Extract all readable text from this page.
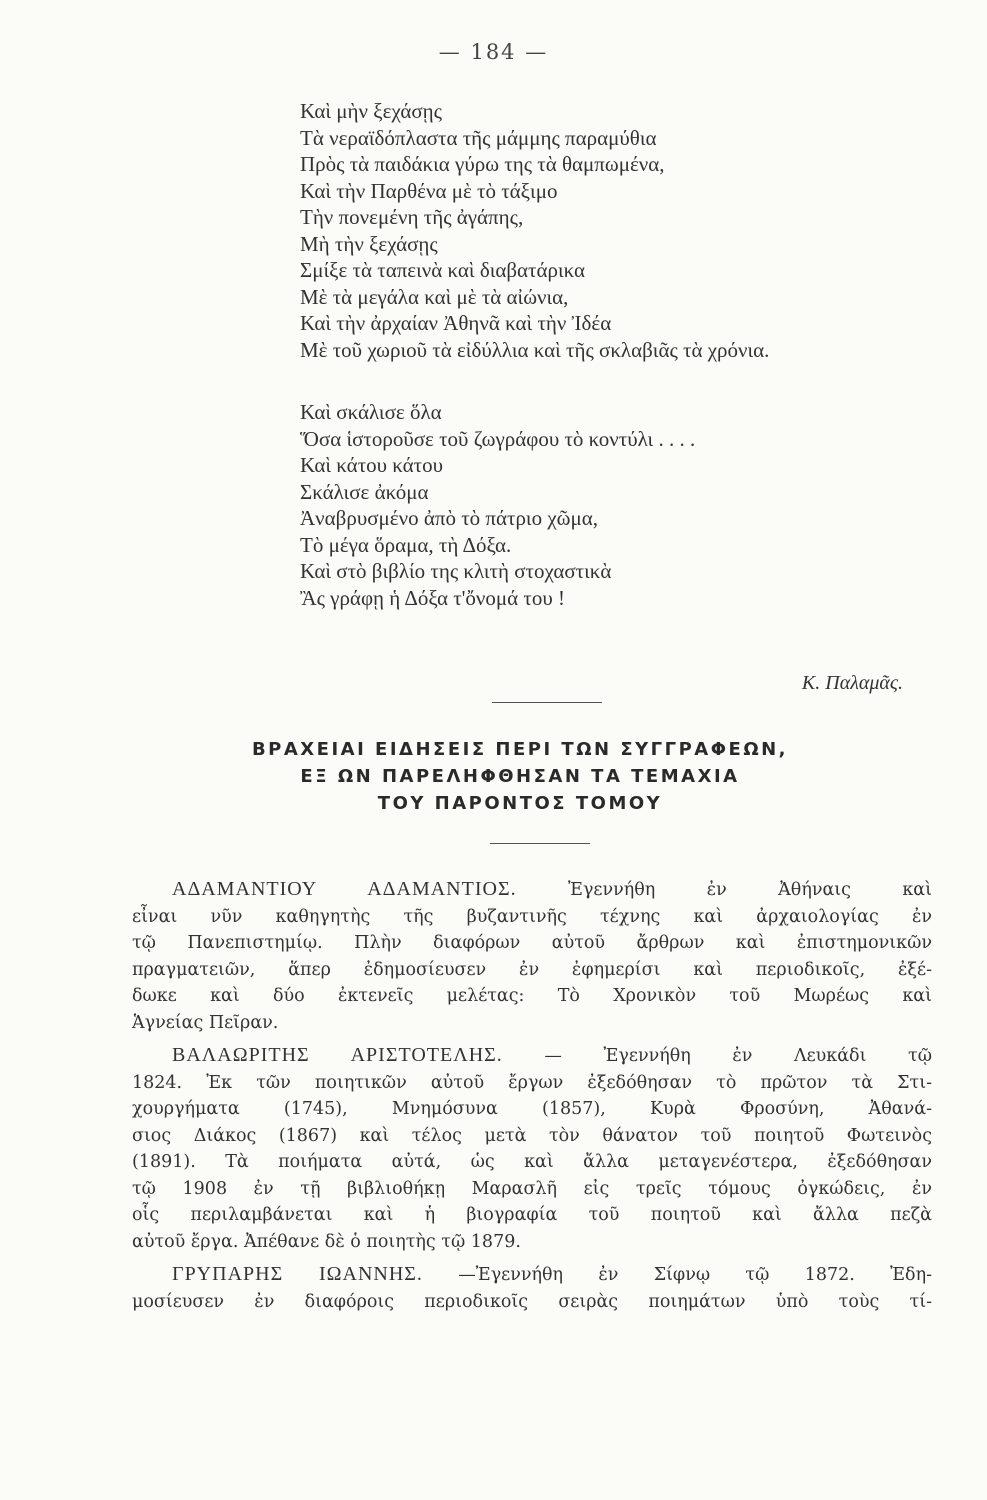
— 184 —
Καὶ μὴν ξεχάσῃς
Τὰ νεραϊδόπλαστα τῆς μάμμης παραμύθια
Πρὸς τὰ παιδάκια γύρω της τὰ θαμπωμένα,
Καὶ τὴν Παρθένα μὲ τὸ τάξιμο
Τὴν πονεμένη τῆς ἀγάπης,
Μὴ τὴν ξεχάσῃς
Σμίξε τὰ ταπεινὰ καὶ διαβατάρικα
Μὲ τὰ μεγάλα καὶ μὲ τὰ αἰώνια,
Καὶ τὴν ἀρχαίαν Ἀθηνᾶ καὶ τὴν Ἰδέα
Μὲ τοῦ χωριοῦ τὰ εἰδύλλια καὶ τῆς σκλαβιᾶς τὰ χρόνια.
Καὶ σκάλισε ὅλα
Ὅσα ἱστοροῦσε τοῦ ζωγράφου τὸ κοντύλι . . . .
Καὶ κάτου κάτου
Σκάλισε ἀκόμα
Ἀναβρυσμένο ἀπὸ τὸ πάτριο χῶμα,
Τὸ μέγα ὅραμα, τὴ Δόξα.
Καὶ στὸ βιβλίο της κλιτὴ στοχαστικὰ
Ἂς γράφῃ ἡ Δόξα τ'ὄνομά του !
Κ. Παλαμᾶς.
ΒΡΑΧΕΙΑΙ ΕΙΔΗΣΕΙΣ ΠΕΡΙ ΤΩΝ ΣΥΓΓΡΑΦΕΩΝ,
ΕΞ ΩΝ ΠΑΡΕΛΗΦΘΗΣΑΝ ΤΑ ΤΕΜΑΧΙΑ
ΤΟΥ ΠΑΡΟΝΤΟΣ ΤΟΜΟΥ
ΑΔΑΜΑΝΤΙΟΥ ΑΔΑΜΑΝΤΙΟΣ.	Ἐγεννήθη ἐν Ἀθήναις καὶ
εἶναι νῦν καθηγητὴς τῆς βυζαντινῆς τέχνης καὶ ἀρχαιολογίας ἐν
τῷ Πανεπιστημίῳ. Πλὴν διαφόρων αὐτοῦ ἄρθρων καὶ ἐπιστημονικῶν
πραγματειῶν, ἅπερ ἐδημοσίευσεν ἐν ἐφημερίσι καὶ περιοδικοῖς, ἐξέ-
δωκε καὶ δύο ἐκτενεῖς μελέτας: Τὸ Χρονικὸν τοῦ Μωρέως καὶ
Ἁγνείας Πεῖραν.
ΒΑΛΑΩΡΙΤΗΣ ΑΡΙΣΤΟΤΕΛΗΣ. — Ἐγεννήθη ἐν Λευκάδι τῷ
1824. Ἐκ τῶν ποιητικῶν αὐτοῦ ἔργων ἐξεδόθησαν τὸ πρῶτον τὰ Στι-
χουργήματα (1745), Μνημόσυνα (1857), Κυρὰ Φροσύνη, Ἀθανά-
σιος Διάκος (1867) καὶ τέλος μετὰ τὸν θάνατον τοῦ ποιητοῦ Φωτεινὸς
(1891). Τὰ ποιήματα αὐτά, ὡς καὶ ἄλλα μεταγενέστερα, ἐξεδόθησαν
τῷ 1908 ἐν τῇ βιβλιοθήκῃ Μαρασλῆ εἰς τρεῖς τόμους ὀγκώδεις, ἐν
οἷς περιλαμβάνεται καὶ ἡ βιογραφία τοῦ ποιητοῦ καὶ ἄλλα πεζὰ
αὐτοῦ ἔργα. Ἀπέθανε δὲ ὁ ποιητὴς τῷ 1879.
ΓΡΥΠΑΡΗΣ ΙΩΑΝΝΗΣ. —Ἐγεννήθη ἐν Σίφνῳ τῷ 1872. Ἐδη-
μοσίευσεν ἐν διαφόροις περιοδικοῖς σειρὰς ποιημάτων ὑπὸ τοὺς τί-
